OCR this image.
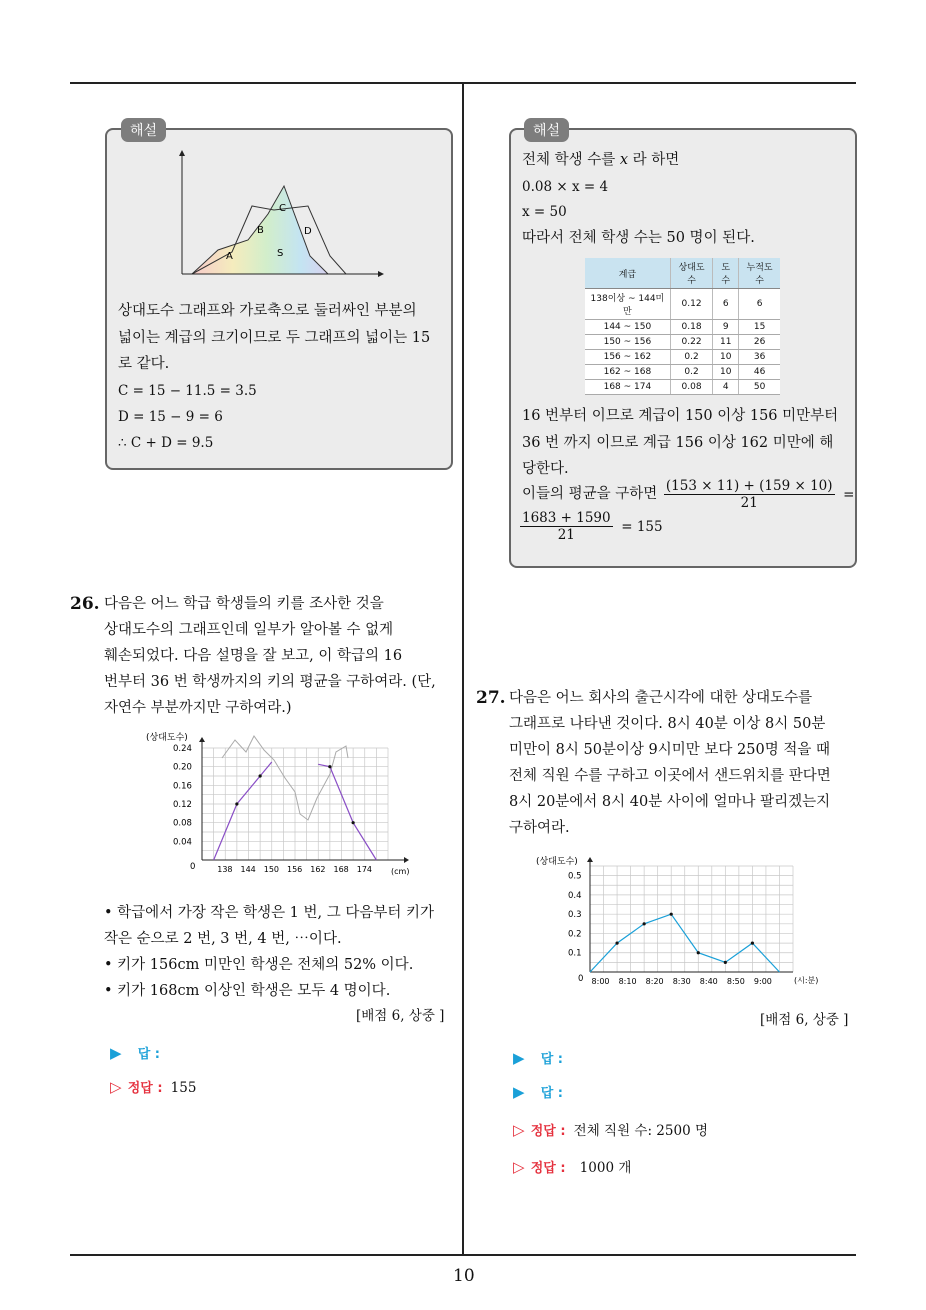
해설
A
B
C
D
S
상대도수 그래프와 가로축으로 둘러싸인 부분의
넓이는 계급의 크기이므로 두 그래프의 넓이는 15
로 같다.
C = 15 − 11.5 = 3.5
D = 15 − 9 = 6
∴ C + D = 9.5
해설
전체 학생 수를 x 라 하면
0.08 × x = 4
x = 50
따라서 전체 학생 수는 50 명이 된다.
계급	상대도수	도수	누적도수
138이상 ~ 144미만	0.12	6	6
144 ~ 150	0.18	9	15
150 ~ 156	0.22	11	26
156 ~ 162	0.2	10	36
162 ~ 168	0.2	10	46
168 ~ 174	0.08	4	50
16 번부터 이므로 계급이 150 이상 156 미만부터
36 번 까지 이므로 계급 156 이상 162 미만에 해
당한다.
이들의 평균을 구하면 $\frac{(153 \times 11) + (159 \times 10)}{21}$ =
$\frac{1683 + 1590}{21} = 155$
26. 다음은 어느 학급 학생들의 키를 조사한 것을
상대도수의 그래프인데 일부가 알아볼 수 없게
훼손되었다. 다음 설명을 잘 보고, 이 학급의 16
번부터 36 번 학생까지의 키의 평균을 구하여라. (단,
자연수 부분까지만 구하여라.)
0
0.04
0.08
0.12
0.16
0.20
0.24
138 144 150 156 162 168 174
(상대도수)
(cm)
• 학급에서 가장 작은 학생은 1 번, 그 다음부터 키가
작은 순으로 2 번, 3 번, 4 번, ⋯이다.
• 키가 156cm 미만인 학생은 전체의 52% 이다.
• 키가 168cm 이상인 학생은 모두 4 명이다.
[배점 6, 상중 ]
▶ 답 :
▷ 정답 : 155
27. 다음은 어느 회사의 출근시각에 대한 상대도수를
그래프로 나타낸 것이다. 8시 40분 이상 8시 50분
미만이 8시 50분이상 9시미만 보다 250명 적을 때
전체 직원 수를 구하고 이곳에서 샌드위치를 판다면
8시 20분에서 8시 40분 사이에 얼마나 팔리겠는지
구하여라.
0
0.1
0.2
0.3
0.4
0.5
8:00 8:10 8:20 8:30 8:40 8:50 9:00
(상대도수)
(시:분)
[배점 6, 상중 ]
▶ 답 :
▶ 답 :
▷ 정답 : 전체 직원 수: 2500 명
▷ 정답 : 1000 개
10
